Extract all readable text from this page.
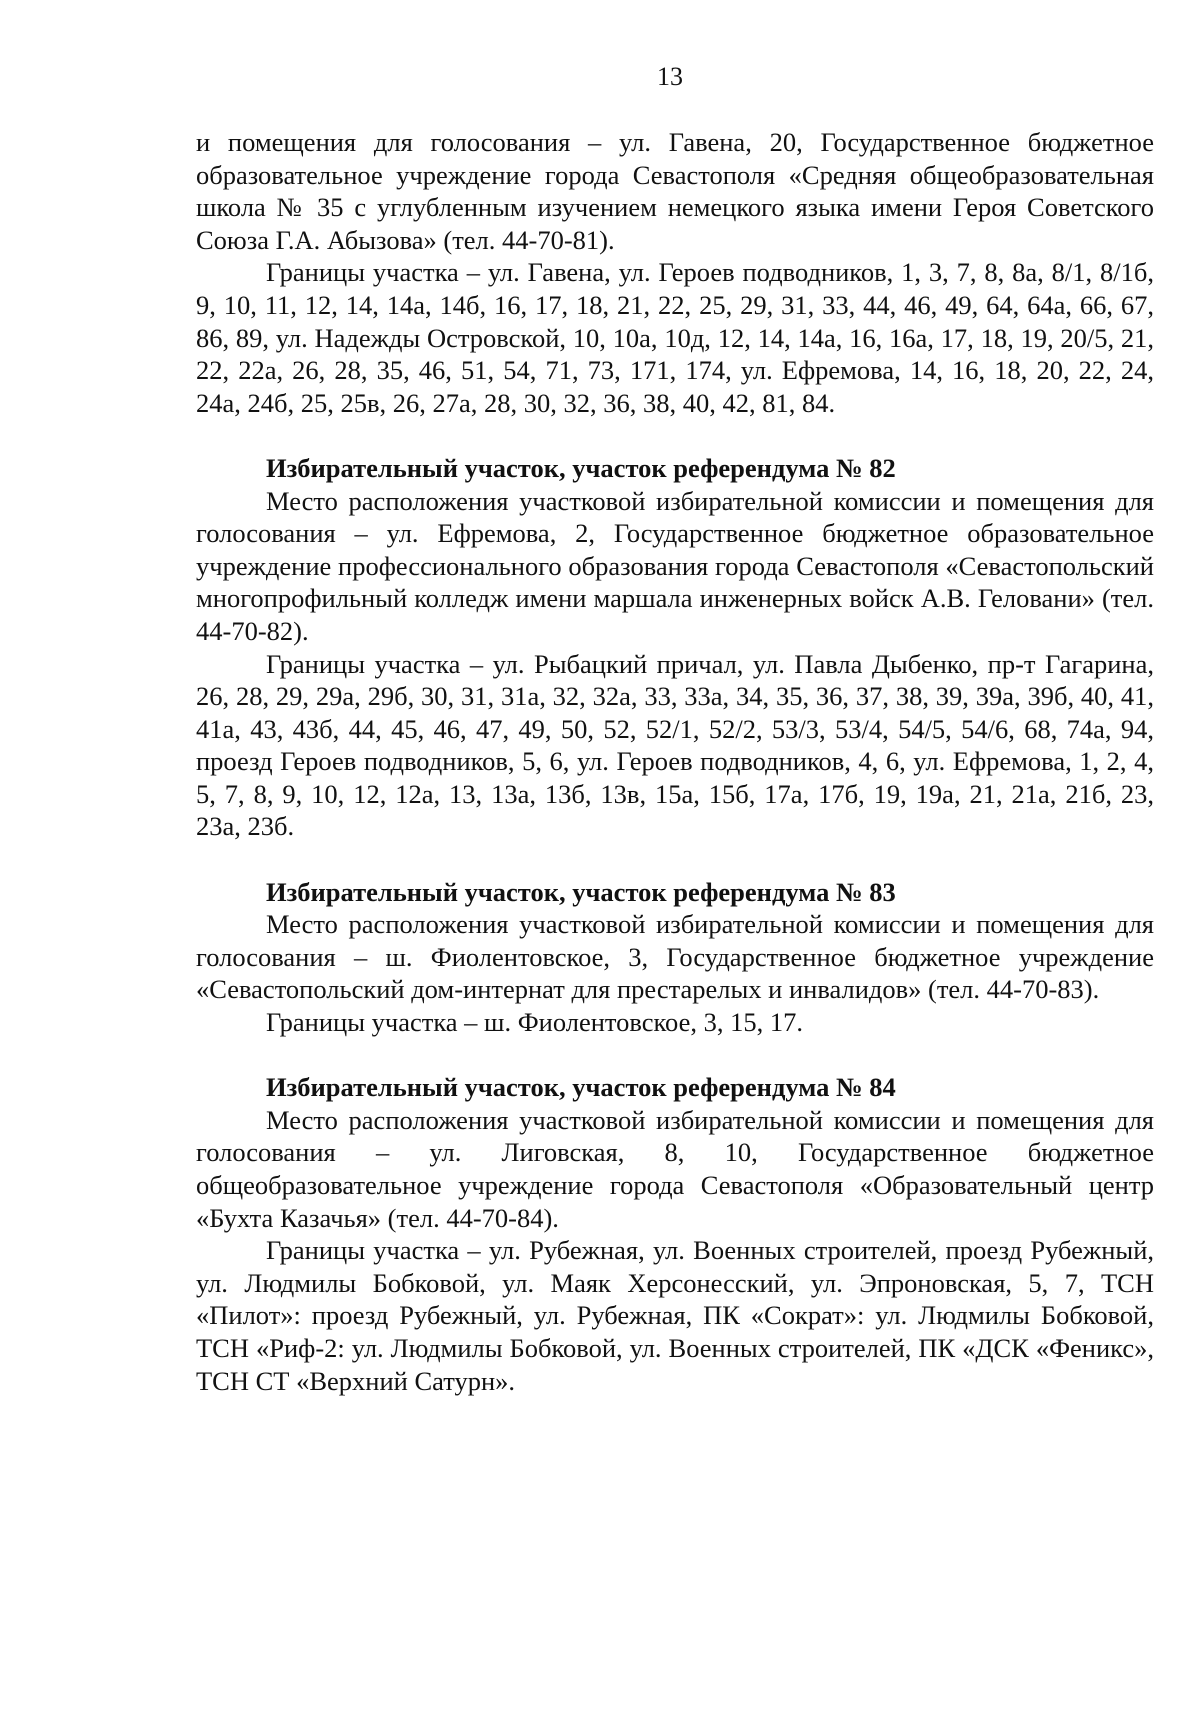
13

и помещения для голосования – ул. Гавена, 20, Государственное бюджетное образовательное учреждение города Севастополя «Средняя общеобразовательная школа № 35 с углубленным изучением немецкого языка имени Героя Советского Союза Г.А. Абызова» (тел. 44-70-81).

Границы участка – ул. Гавена, ул. Героев подводников, 1, 3, 7, 8, 8а, 8/1, 8/1б, 9, 10, 11, 12, 14, 14а, 14б, 16, 17, 18, 21, 22, 25, 29, 31, 33, 44, 46, 49, 64, 64а, 66, 67, 86, 89, ул. Надежды Островской, 10, 10а, 10д, 12, 14, 14а, 16, 16а, 17, 18, 19, 20/5, 21, 22, 22а, 26, 28, 35, 46, 51, 54, 71, 73, 171, 174, ул. Ефремова, 14, 16, 18, 20, 22, 24, 24а, 24б, 25, 25в, 26, 27а, 28, 30, 32, 36, 38, 40, 42, 81, 84.

Избирательный участок, участок референдума № 82

Место расположения участковой избирательной комиссии и помещения для голосования – ул. Ефремова, 2, Государственное бюджетное образовательное учреждение профессионального образования города Севастополя «Севастопольский многопрофильный колледж имени маршала инженерных войск А.В. Геловани» (тел. 44-70-82).

Границы участка – ул. Рыбацкий причал, ул. Павла Дыбенко, пр-т Гагарина, 26, 28, 29, 29а, 29б, 30, 31, 31а, 32, 32а, 33, 33а, 34, 35, 36, 37, 38, 39, 39а, 39б, 40, 41, 41а, 43, 43б, 44, 45, 46, 47, 49, 50, 52, 52/1, 52/2, 53/3, 53/4, 54/5, 54/6, 68, 74а, 94, проезд Героев подводников, 5, 6, ул. Героев подводников, 4, 6, ул. Ефремова, 1, 2, 4, 5, 7, 8, 9, 10, 12, 12а, 13, 13а, 13б, 13в, 15а, 15б, 17а, 17б, 19, 19а, 21, 21а, 21б, 23, 23а, 23б.

Избирательный участок, участок референдума № 83

Место расположения участковой избирательной комиссии и помещения для голосования – ш. Фиолентовское, 3, Государственное бюджетное учреждение «Севастопольский дом-интернат для престарелых и инвалидов» (тел. 44-70-83).

Границы участка – ш. Фиолентовское, 3, 15, 17.

Избирательный участок, участок референдума № 84

Место расположения участковой избирательной комиссии и помещения для голосования – ул. Лиговская, 8, 10, Государственное бюджетное общеобразовательное учреждение города Севастополя «Образовательный центр «Бухта Казачья» (тел. 44-70-84).

Границы участка – ул. Рубежная, ул. Военных строителей, проезд Рубежный, ул. Людмилы Бобковой, ул. Маяк Херсонесский, ул. Эпроновская, 5, 7, ТСН «Пилот»: проезд Рубежный, ул. Рубежная, ПК «Сократ»: ул. Людмилы Бобковой, ТСН «Риф-2: ул. Людмилы Бобковой, ул. Военных строителей, ПК «ДСК «Феникс», ТСН СТ «Верхний Сатурн».
